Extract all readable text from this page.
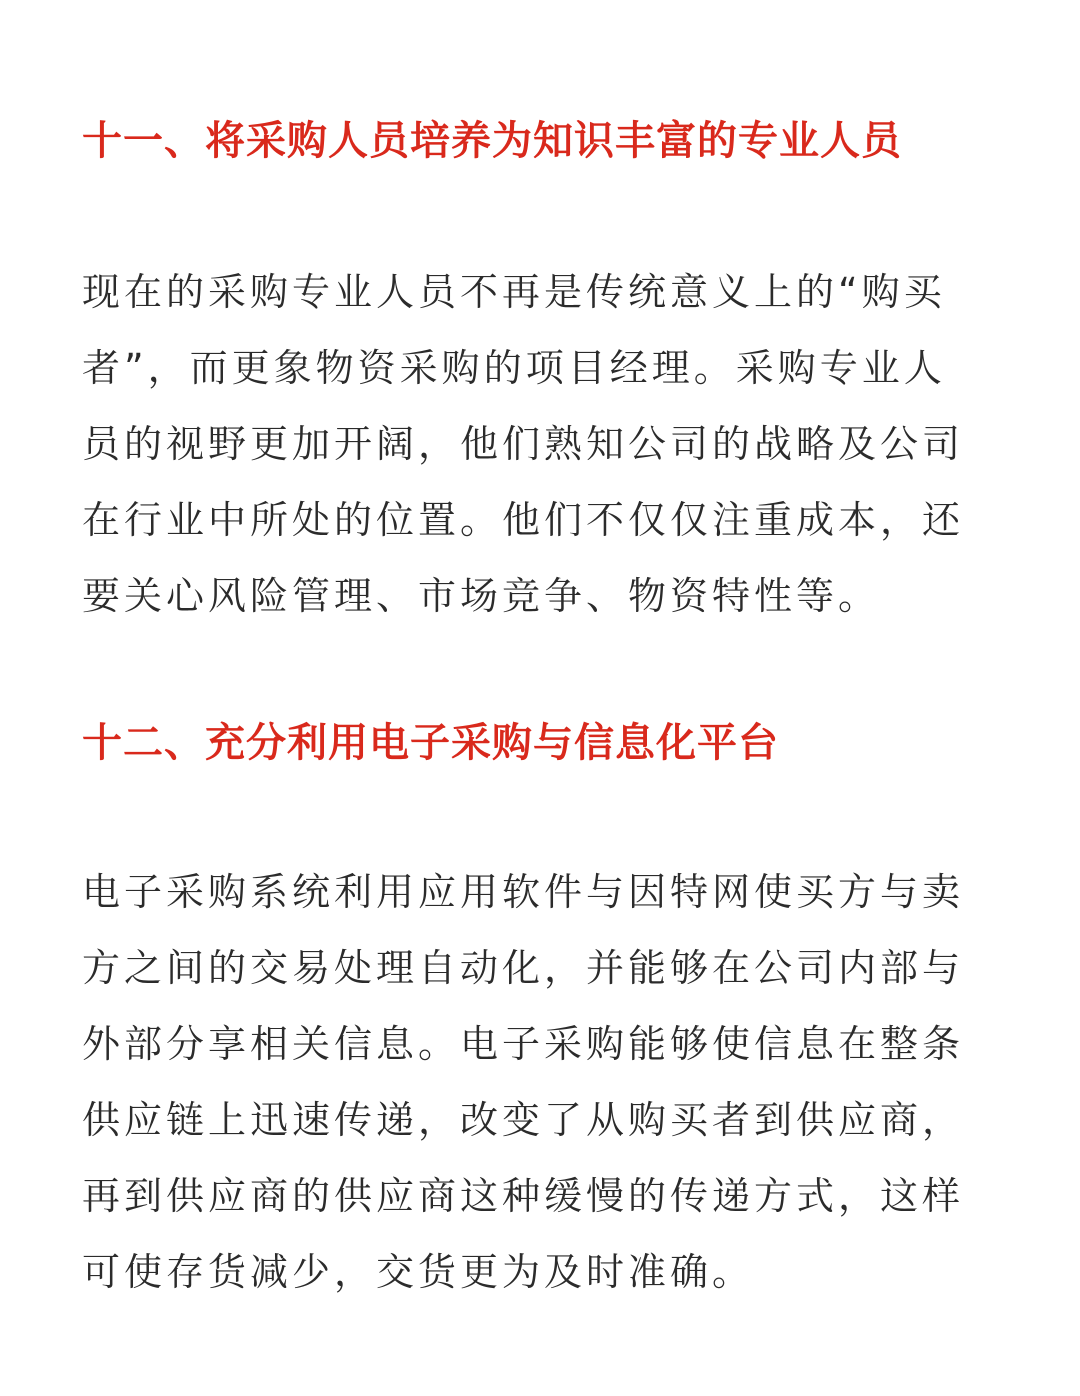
十一、将采购人员培养为知识丰富的专业人员
现在的采购专业人员不再是传统意义上的“购买
者”，而更象物资采购的项目经理。采购专业人
员的视野更加开阔，他们熟知公司的战略及公司
在行业中所处的位置。他们不仅仅注重成本，还
要关心风险管理、市场竞争、物资特性等。
十二、充分利用电子采购与信息化平台
电子采购系统利用应用软件与因特网使买方与卖
方之间的交易处理自动化，并能够在公司内部与
外部分享相关信息。电子采购能够使信息在整条
供应链上迅速传递，改变了从购买者到供应商，
再到供应商的供应商这种缓慢的传递方式，这样
可使存货减少，交货更为及时准确。
